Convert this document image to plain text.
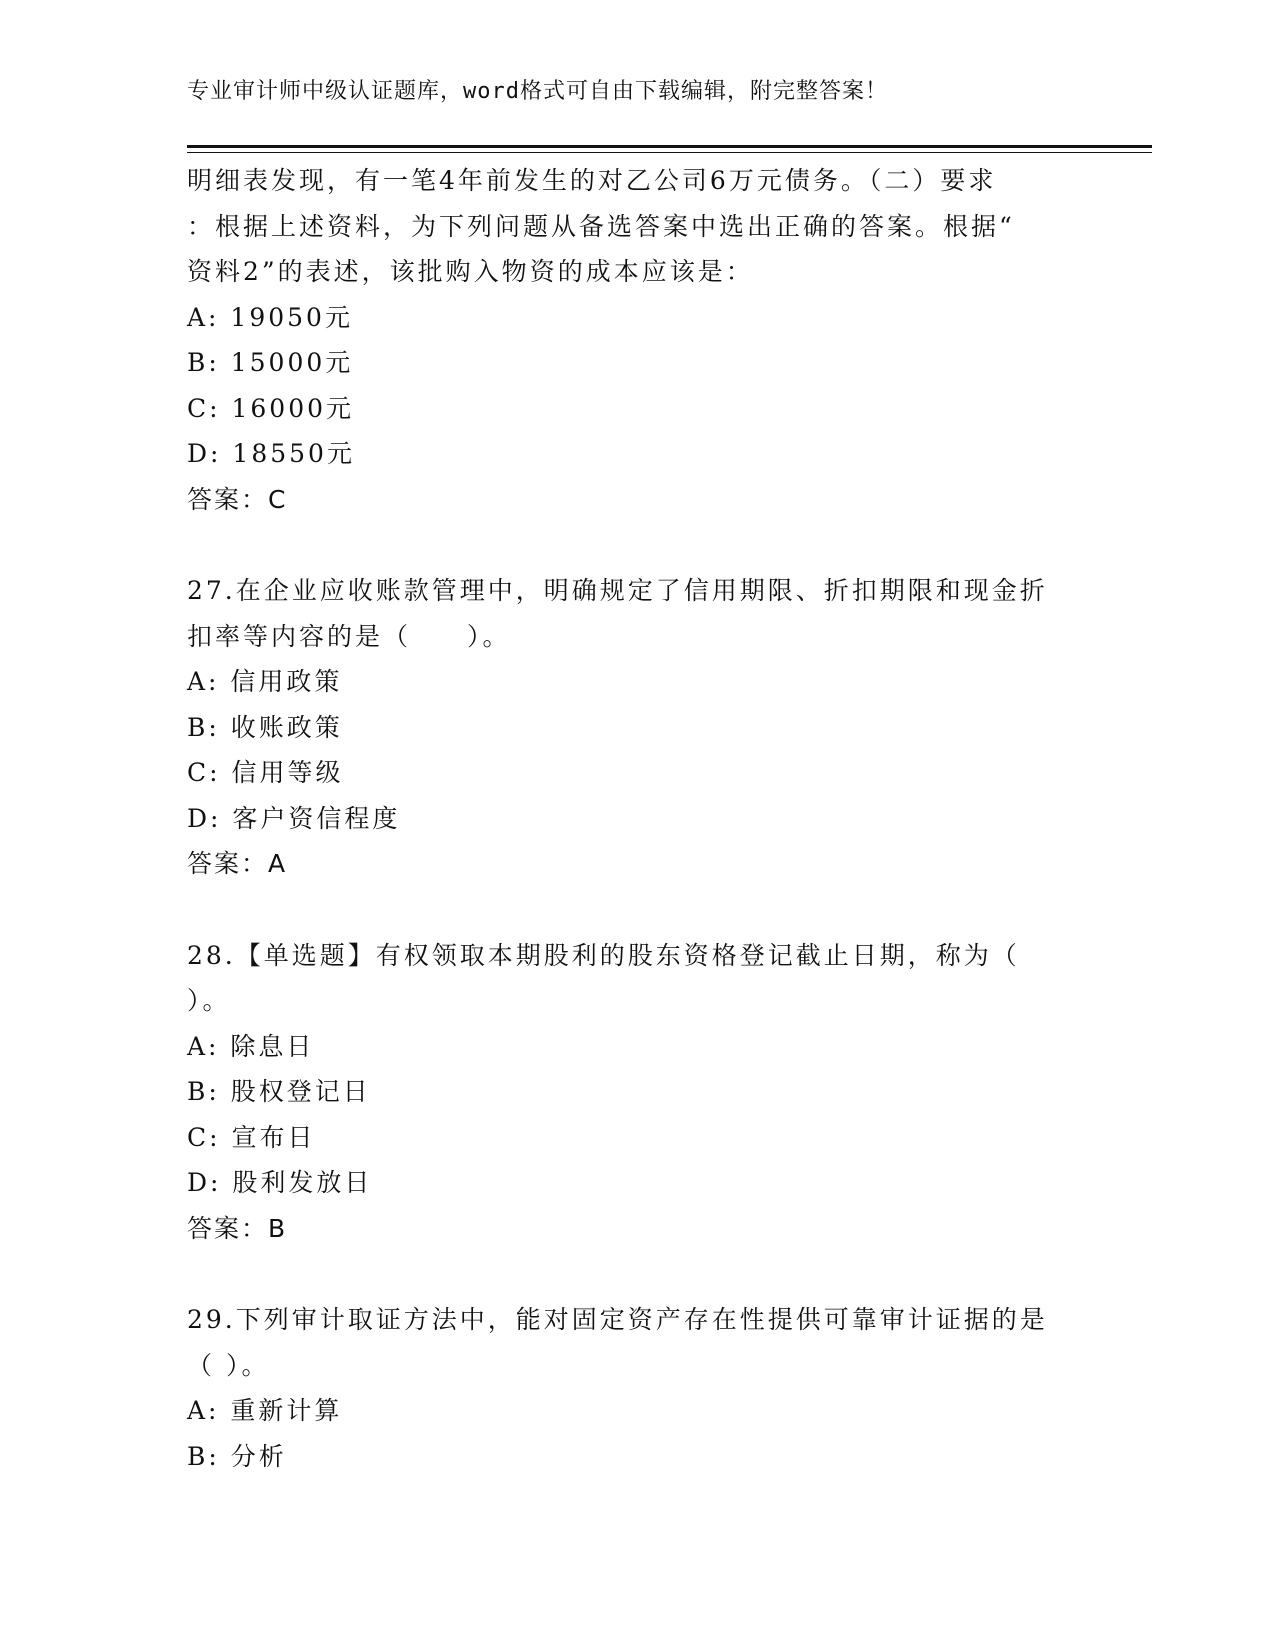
专业审计师中级认证题库，word格式可自由下载编辑，附完整答案！
明细表发现，有一笔4年前发生的对乙公司6万元债务。（二）要求
：根据上述资料，为下列问题从备选答案中选出正确的答案。根据“
资料2”的表述，该批购入物资的成本应该是：
A: 19050元
B: 15000元
C: 16000元
D: 18550元
答案：C
27.在企业应收账款管理中，明确规定了信用期限、折扣期限和现金折
扣率等内容的是（　　）。
A: 信用政策
B: 收账政策
C: 信用等级
D: 客户资信程度
答案：A
28.【单选题】有权领取本期股利的股东资格登记截止日期，称为（
）。
A: 除息日
B: 股权登记日
C: 宣布日
D: 股利发放日
答案：B
29.下列审计取证方法中，能对固定资产存在性提供可靠审计证据的是
（ ）。
A: 重新计算
B: 分析
